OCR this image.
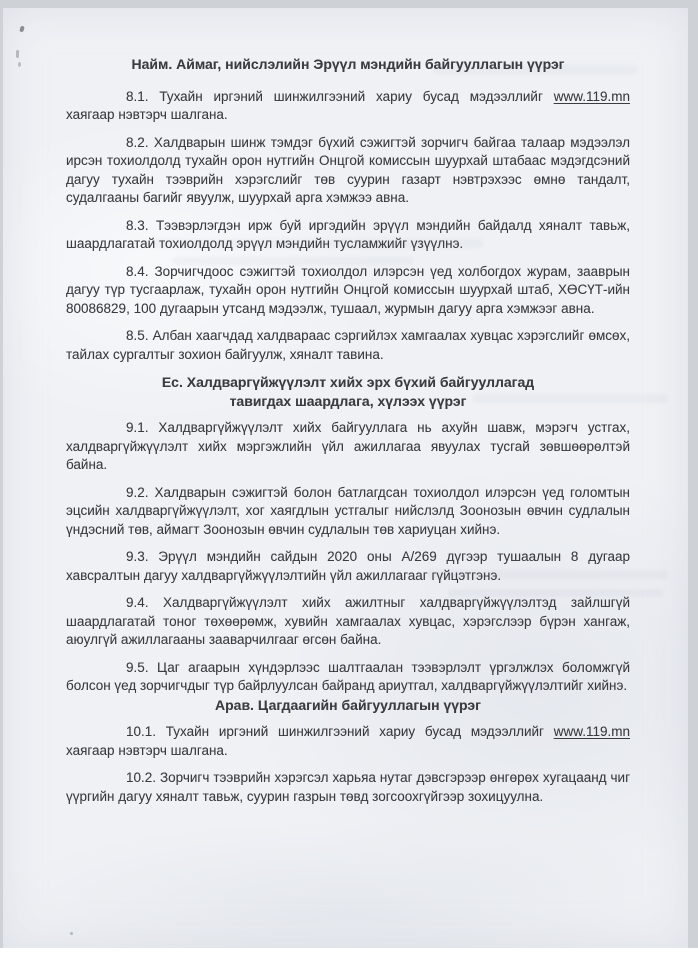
Найм. Аймаг, нийслэлийн Эрүүл мэндийн байгууллагын үүрэг

8.1. Тухайн иргэний шинжилгээний хариу бусад мэдээллийг www.119.mn хаягаар нэвтэрч шалгана.

8.2. Халдварын шинж тэмдэг бүхий сэжигтэй зорчигч байгаа талаар мэдээлэл ирсэн тохиолдолд тухайн орон нутгийн Онцгой комиссын шуурхай штабаас мэдэгдсэний дагуу тухайн тээврийн хэрэгслийг төв суурин газарт нэвтрэхээс өмнө тандалт, судалгааны багийг явуулж, шуурхай арга хэмжээ авна.

8.3. Тээвэрлэгдэн ирж буй иргэдийн эрүүл мэндийн байдалд хяналт тавьж, шаардлагатай тохиолдолд эрүүл мэндийн тусламжийг үзүүлнэ.

8.4. Зорчигчдоос сэжигтэй тохиолдол илэрсэн үед холбогдох журам, зааврын дагуу түр тусгаарлаж, тухайн орон нутгийн Онцгой комиссын шуурхай штаб, ХӨСҮТ-ийн 80086829, 100 дугаарын утсанд мэдээлж, тушаал, журмын дагуу арга хэмжээг авна.

8.5. Албан хаагчдад халдвараас сэргийлэх хамгаалах хувцас хэрэгслийг өмсөх, тайлах сургалтыг зохион байгуулж, хяналт тавина.

Ес. Халдваргүйжүүлэлт хийх эрх бүхий байгууллагад
тавигдах шаардлага, хүлээх үүрэг

9.1. Халдваргүйжүүлэлт хийх байгууллага нь ахуйн шавж, мэрэгч устгах, халдваргүйжүүлэлт хийх мэргэжлийн үйл ажиллагаа явуулах тусгай зөвшөөрөлтэй байна.

9.2. Халдварын сэжигтэй болон батлагдсан тохиолдол илэрсэн үед голомтын эцсийн халдваргүйжүүлэлт, хог хаягдлын устгалыг нийслэлд Зоонозын өвчин судлалын үндэсний төв, аймагт Зоонозын өвчин судлалын төв хариуцан хийнэ.

9.3. Эрүүл мэндийн сайдын 2020 оны А/269 дүгээр тушаалын 8 дугаар хавсралтын дагуу халдваргүйжүүлэлтийн үйл ажиллагааг гүйцэтгэнэ.

9.4. Халдваргүйжүүлэлт хийх ажилтныг халдваргүйжүүлэлтэд зайлшгүй шаардлагатай тоног төхөөрөмж, хувийн хамгаалах хувцас, хэрэгслээр бүрэн хангаж, аюулгүй ажиллагааны зааварчилгааг өгсөн байна.

9.5. Цаг агаарын хүндэрлээс шалтгаалан тээвэрлэлт үргэлжлэх боломжгүй болсон үед зорчигчдыг түр байрлуулсан байранд ариутгал, халдваргүйжүүлэлтийг хийнэ.

Арав. Цагдаагийн байгууллагын үүрэг

10.1. Тухайн иргэний шинжилгээний хариу бусад мэдээллийг www.119.mn хаягаар нэвтэрч шалгана.

10.2. Зорчигч тээврийн хэрэгсэл харьяа нутаг дэвсгэрээр өнгөрөх хугацаанд чиг үүргийн дагуу хяналт тавьж, суурин газрын төвд зогсоохгүйгээр зохицуулна.
